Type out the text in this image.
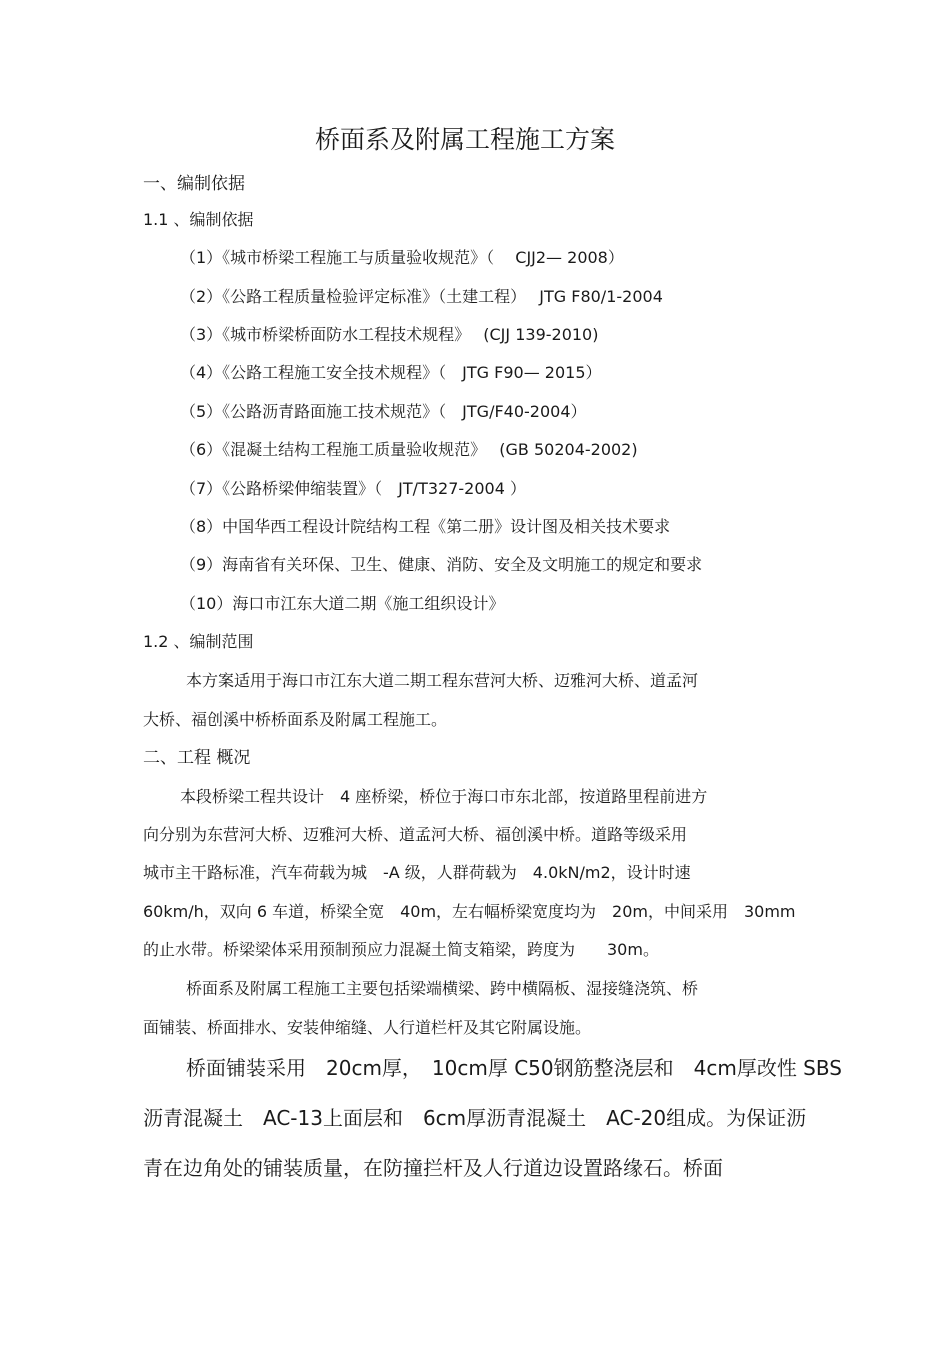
桥面系及附属工程施工方案
一、编制依据
1.1 、编制依据
（1）《城市桥梁工程施工与质量验收规范》（　 CJJ2— 2008）
（2）《公路工程质量检验评定标准》（土建工程）　 JTG F80/1-2004
（3）《城市桥梁桥面防水工程技术规程》　 (CJJ 139-2010)
（4）《公路工程施工安全技术规程》（　JTG F90— 2015）
（5）《公路沥青路面施工技术规范》（　JTG/F40-2004）
（6）《混凝土结构工程施工质量验收规范》　 (GB 50204-2002)
（7）《公路桥梁伸缩装置》（　JT/T327-2004 ）
（8）中国华西工程设计院结构工程《第二册》设计图及相关技术要求
（9）海南省有关环保、卫生、健康、消防、安全及文明施工的规定和要求
（10）海口市江东大道二期《施工组织设计》
1.2 、编制范围
本方案适用于海口市江东大道二期工程东营河大桥、迈雅河大桥、道孟河
大桥、福创溪中桥桥面系及附属工程施工。
二、工程 概况
本段桥梁工程共设计　4 座桥梁，桥位于海口市东北部，按道路里程前进方
向分别为东营河大桥、迈雅河大桥、道孟河大桥、福创溪中桥。道路等级采用
城市主干路标准，汽车荷载为城　-A 级，人群荷载为　4.0kN/m2，设计时速
60km/h，双向 6 车道，桥梁全宽　40m，左右幅桥梁宽度均为　20m，中间采用　30mm
的止水带。桥梁梁体采用预制预应力混凝土简支箱梁，跨度为　　30m。
桥面系及附属工程施工主要包括梁端横梁、跨中横隔板、湿接缝浇筑、桥
面铺装、桥面排水、安装伸缩缝、人行道栏杆及其它附属设施。
桥面铺装采用　20cm厚，　10cm厚 C50钢筋整浇层和　4cm厚改性 SBS
沥青混凝土　AC-13上面层和　6cm厚沥青混凝土　AC-20组成。为保证沥
青在边角处的铺装质量，在防撞拦杆及人行道边设置路缘石。桥面
